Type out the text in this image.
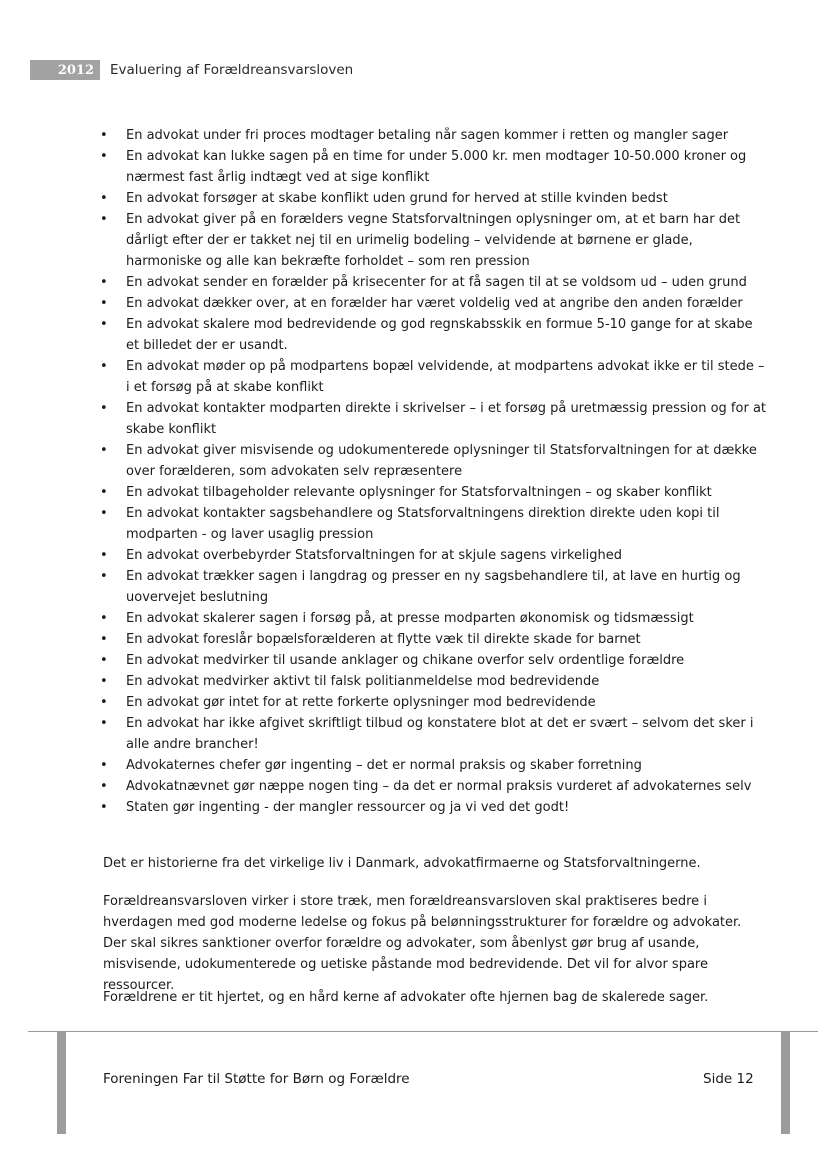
2012	Evaluering af Forældreansvarsloven
• En advokat under fri proces modtager betaling når sagen kommer i retten og mangler sager
• En advokat kan lukke sagen på en time for under 5.000 kr. men modtager 10-50.000 kroner og nærmest fast årlig indtægt ved at sige konflikt
• En advokat forsøger at skabe konflikt uden grund for herved at stille kvinden bedst
• En advokat giver på en forælders vegne Statsforvaltningen oplysninger om, at et barn har det dårligt efter der er takket nej til en urimelig bodeling – velvidende at børnene er glade, harmoniske og alle kan bekræfte forholdet – som ren pression
• En advokat sender en forælder på krisecenter for at få sagen til at se voldsom ud – uden grund
• En advokat dækker over, at en forælder har været voldelig ved at angribe den anden forælder
• En advokat skalere mod bedrevidende og god regnskabsskik en formue 5-10 gange for at skabe et billedet der er usandt.
• En advokat møder op på modpartens bopæl velvidende, at modpartens advokat ikke er til stede – i et forsøg på at skabe konflikt
• En advokat kontakter modparten direkte i skrivelser – i et forsøg på uretmæssig pression og for at skabe konflikt
• En advokat giver misvisende og udokumenterede oplysninger til Statsforvaltningen for at dække over forælderen, som advokaten selv repræsentere
• En advokat tilbageholder relevante oplysninger for Statsforvaltningen – og skaber konflikt
• En advokat kontakter sagsbehandlere og Statsforvaltningens direktion direkte uden kopi til modparten - og laver usaglig pression
• En advokat overbebyrder Statsforvaltningen for at skjule sagens virkelighed
• En advokat trækker sagen i langdrag og presser en ny sagsbehandlere til, at lave en hurtig og uovervejet beslutning
• En advokat skalerer sagen i forsøg på, at presse modparten økonomisk og tidsmæssigt
• En advokat foreslår bopælsforælderen at flytte væk til direkte skade for barnet
• En advokat medvirker til usande anklager og chikane overfor selv ordentlige forældre
• En advokat medvirker aktivt til falsk politianmeldelse mod bedrevidende
• En advokat gør intet for at rette forkerte oplysninger mod bedrevidende
• En advokat har ikke afgivet skriftligt tilbud og konstatere blot at det er svært – selvom det sker i alle andre brancher!
• Advokaternes chefer gør ingenting – det er normal praksis og skaber forretning
• Advokatnævnet gør næppe nogen ting – da det er normal praksis vurderet af advokaternes selv
• Staten gør ingenting - der mangler ressourcer og ja vi ved det godt!

Det er historierne fra det virkelige liv i Danmark, advokatfirmaerne og Statsforvaltningerne.

Forældreansvarsloven virker i store træk, men forældreansvarsloven skal praktiseres bedre i hverdagen med god moderne ledelse og fokus på belønningsstrukturer for forældre og advokater. Der skal sikres sanktioner overfor forældre og advokater, som åbenlyst gør brug af usande, misvisende, udokumenterede og uetiske påstande mod bedrevidende. Det vil for alvor spare ressourcer.

Forældrene er tit hjertet, og en hård kerne af advokater ofte hjernen bag de skalerede sager.

Foreningen Far til Støtte for Børn og Forældre	Side 12
